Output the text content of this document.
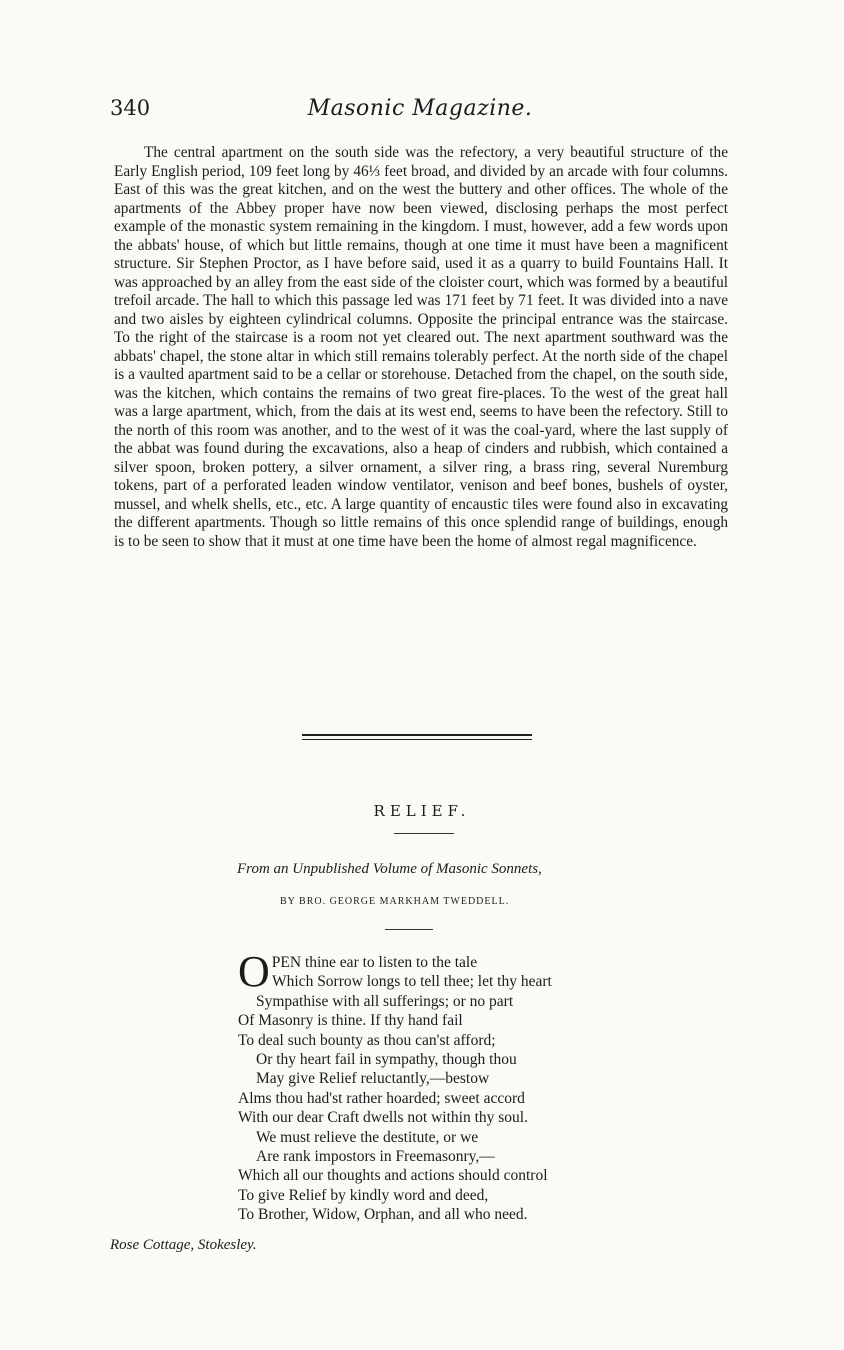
340	Masonic Magazine.

The central apartment on the south side was the refectory, a very beautiful structure of the Early English period, 109 feet long by 46⅓ feet broad, and divided by an arcade with four columns. East of this was the great kitchen, and on the west the buttery and other offices. The whole of the apartments of the Abbey proper have now been viewed, disclosing perhaps the most perfect example of the monastic system remaining in the kingdom. I must, however, add a few words upon the abbats' house, of which but little remains, though at one time it must have been a magnificent structure. Sir Stephen Proctor, as I have before said, used it as a quarry to build Fountains Hall. It was approached by an alley from the east side of the cloister court, which was formed by a beautiful trefoil arcade. The hall to which this passage led was 171 feet by 71 feet. It was divided into a nave and two aisles by eighteen cylindrical columns. Opposite the principal entrance was the staircase. To the right of the staircase is a room not yet cleared out. The next apartment southward was the abbats' chapel, the stone altar in which still remains tolerably perfect. At the north side of the chapel is a vaulted apartment said to be a cellar or storehouse. Detached from the chapel, on the south side, was the kitchen, which contains the remains of two great fire-places. To the west of the great hall was a large apartment, which, from the dais at its west end, seems to have been the refectory. Still to the north of this room was another, and to the west of it was the coal-yard, where the last supply of the abbat was found during the excavations, also a heap of cinders and rubbish, which contained a silver spoon, broken pottery, a silver ornament, a silver ring, a brass ring, several Nuremburg tokens, part of a perforated leaden window ventilator, venison and beef bones, bushels of oyster, mussel, and whelk shells, etc., etc. A large quantity of encaustic tiles were found also in excavating the different apartments. Though so little remains of this once splendid range of buildings, enough is to be seen to show that it must at one time have been the home of almost regal magnificence.

RELIEF.
From an Unpublished Volume of Masonic Sonnets,
BY BRO. GEORGE MARKHAM TWEDDELL.
O PEN thine ear to listen to the tale
Which Sorrow longs to tell thee; let thy heart
Sympathise with all sufferings; or no part
Of Masonry is thine. If thy hand fail
To deal such bounty as thou can'st afford;
Or thy heart fail in sympathy, though thou
May give Relief reluctantly,—bestow
Alms thou had'st rather hoarded; sweet accord
With our dear Craft dwells not within thy soul.
We must relieve the destitute, or we
Are rank impostors in Freemasonry,—
Which all our thoughts and actions should control
To give Relief by kindly word and deed,
To Brother, Widow, Orphan, and all who need.
Rose Cottage, Stokesley.
